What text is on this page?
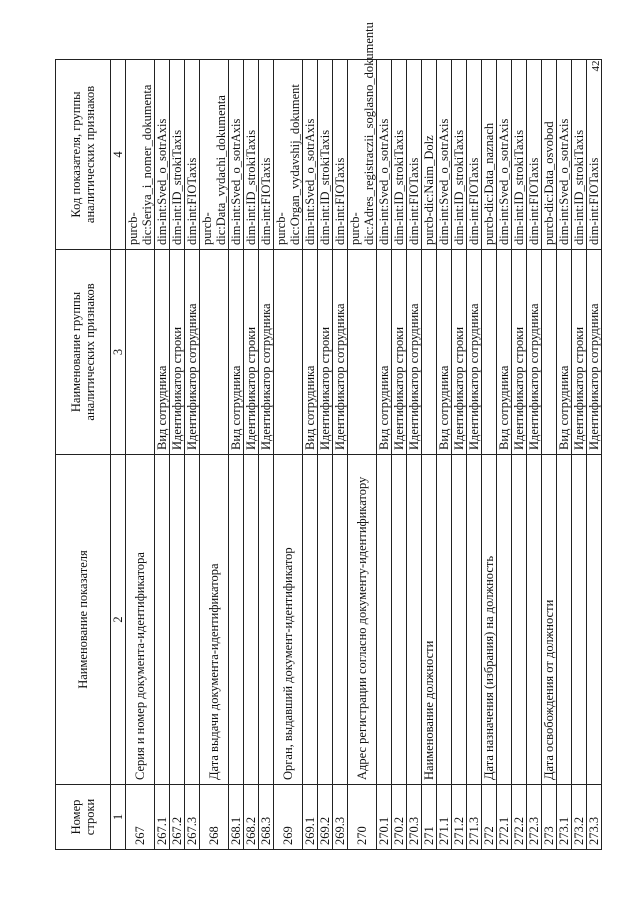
42
Номер строки	Наименование показателя	Наименование группы аналитических признаков	Код показателя, группы аналитических признаков
1	2	3	4
267	Серия и номер документа-идентификатора		purcb-dic:Seriya_i_nomer_dokumenta
267.1		Вид сотрудника	dim-int:Sved_o_sotrAxis
267.2		Идентификатор строки	dim-int:ID_strokiTaxis
267.3		Идентификатор сотрудника	dim-int:FIOTaxis
268	Дата выдачи документа-идентификатора		purcb-dic:Data_vydachi_dokumenta
268.1		Вид сотрудника	dim-int:Sved_o_sotrAxis
268.2		Идентификатор строки	dim-int:ID_strokiTaxis
268.3		Идентификатор сотрудника	dim-int:FIOTaxis
269	Орган, выдавший документ-идентификатор		purcb-dic:Organ_vydavshij_dokument
269.1		Вид сотрудника	dim-int:Sved_o_sotrAxis
269.2		Идентификатор строки	dim-int:ID_strokiTaxis
269.3		Идентификатор сотрудника	dim-int:FIOTaxis
270	Адрес регистрации согласно документу-идентификатору		purcb-dic:Adres_registraczii_soglasno_dokumentu
270.1		Вид сотрудника	dim-int:Sved_o_sotrAxis
270.2		Идентификатор строки	dim-int:ID_strokiTaxis
270.3		Идентификатор сотрудника	dim-int:FIOTaxis
271	Наименование должности		purcb-dic:Naim_Dolz
271.1		Вид сотрудника	dim-int:Sved_o_sotrAxis
271.2		Идентификатор строки	dim-int:ID_strokiTaxis
271.3		Идентификатор сотрудника	dim-int:FIOTaxis
272	Дата назначения (избрания) на должность		purcb-dic:Data_naznach
272.1		Вид сотрудника	dim-int:Sved_o_sotrAxis
272.2		Идентификатор строки	dim-int:ID_strokiTaxis
272.3		Идентификатор сотрудника	dim-int:FIOTaxis
273	Дата освобождения от должности		purcb-dic:Data_osvobod
273.1		Вид сотрудника	dim-int:Sved_o_sotrAxis
273.2		Идентификатор строки	dim-int:ID_strokiTaxis
273.3		Идентификатор сотрудника	dim-int:FIOTaxis
